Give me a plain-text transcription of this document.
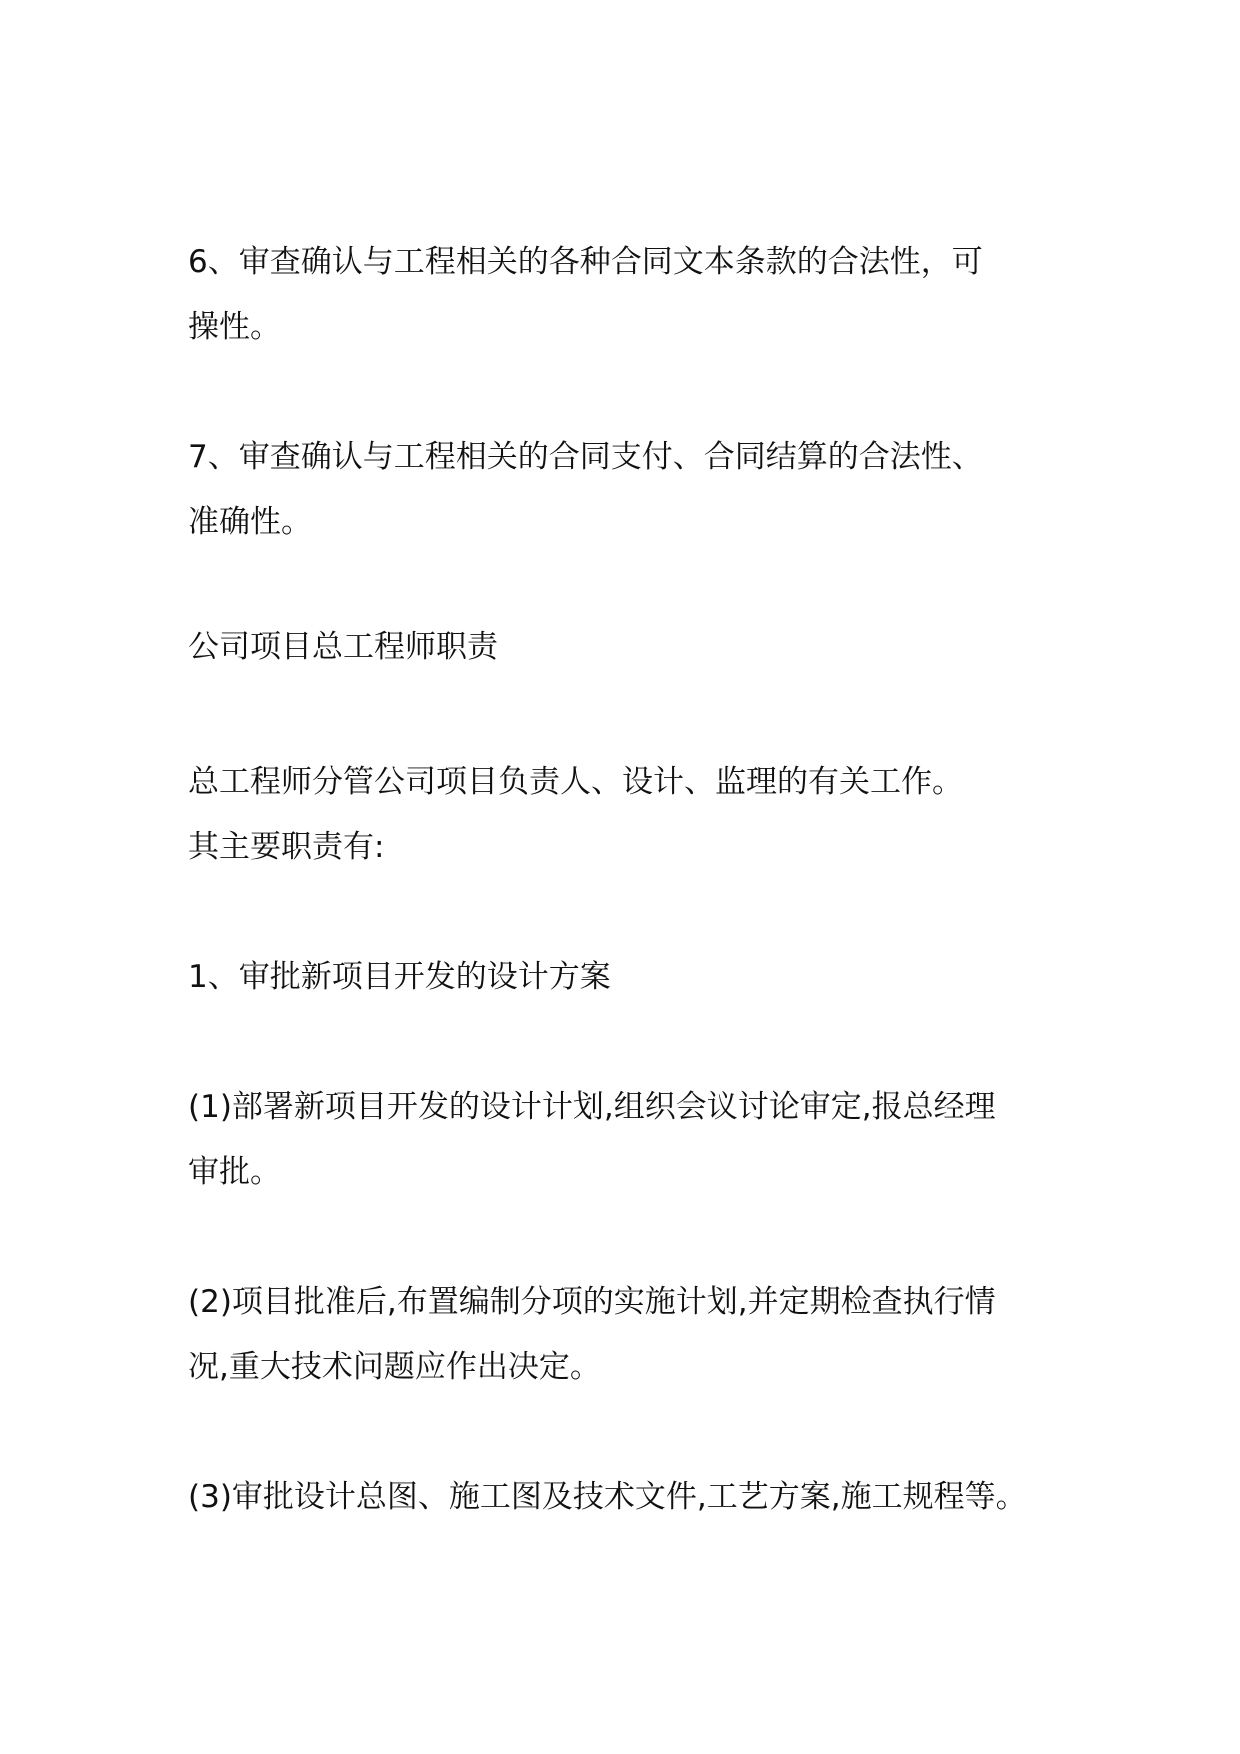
6、审查确认与工程相关的各种合同文本条款的合法性，可
操性。
7、审查确认与工程相关的合同支付、合同结算的合法性、
准确性。
公司项目总工程师职责
总工程师分管公司项目负责人、设计、监理的有关工作。
其主要职责有:
1、审批新项目开发的设计方案
(1)部署新项目开发的设计计划,组织会议讨论审定,报总经理
审批。
(2)项目批准后,布置编制分项的实施计划,并定期检查执行情
况,重大技术问题应作出决定。
(3)审批设计总图、施工图及技术文件,工艺方案,施工规程等。
